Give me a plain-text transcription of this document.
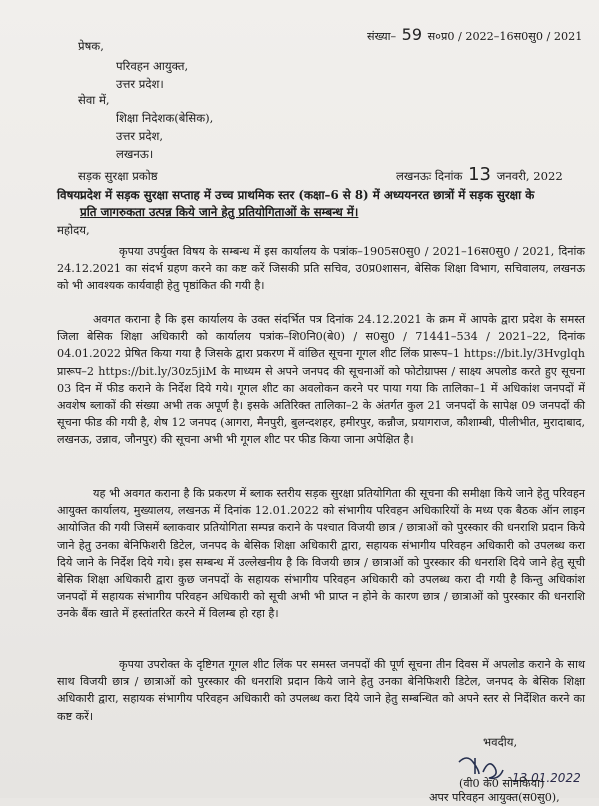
संख्या– 59 स०प्र0 / 2022–16स0सु0 / 2021
प्रेषक,
परिवहन आयुक्त,
उत्तर प्रदेश।
सेवा में,
शिक्षा निदेशक(बेसिक),
उत्तर प्रदेश,
लखनऊ।
सड़क सुरक्षा प्रकोष्ठ	लखनऊः दिनांक 13 जनवरी, 2022
विषयः
प्रदेश में सड़क सुरक्षा सप्ताह में उच्च प्राथमिक स्तर (कक्षा–6 से 8) में अध्ययनरत छात्रों में सड़क सुरक्षा के
प्रति जागरुकता उत्पन्न किये जाने हेतु प्रतियोगिताओं के सम्बन्ध में।
महोदय,
कृपया उपर्युक्त विषय के सम्बन्ध में इस कार्यालय के पत्रांक–1905स0सु0 / 2021–16स0सु0 / 2021, दिनांक 24.12.2021 का संदर्भ ग्रहण करने का कष्ट करें जिसकी प्रति सचिव, उ0प्र0शासन, बेसिक शिक्षा विभाग, सचिवालय, लखनऊ को भी आवश्यक कार्यवाही हेतु पृष्ठांकित की गयी है।
अवगत कराना है कि इस कार्यालय के उक्त संदर्भित पत्र दिनांक 24.12.2021 के क्रम में आपके द्वारा प्रदेश के समस्त जिला बेसिक शिक्षा अधिकारी को कार्यालय पत्रांक–शि0नि0(बे0) / स0सु0 / 71441–534 / 2021–22, दिनांक 04.01.2022 प्रेषित किया गया है जिसके द्वारा प्रकरण में वांछित सूचना गूगल शीट लिंक प्रारूप–1 https://bit.ly/3Hvglqh प्रारूप–2 https://bit.ly/30z5jiM के माध्यम से अपने जनपद की सूचनाओं को फोटोग्राफ्स / साक्ष्य अपलोड करते हुए सूचना 03 दिन में फीड कराने के निर्देश दिये गये। गूगल शीट का अवलोकन करने पर पाया गया कि तालिका–1 में अधिकांश जनपदों में अवशेष ब्लाकों की संख्या अभी तक अपूर्ण है। इसके अतिरिक्त तालिका–2 के अंतर्गत कुल 21 जनपदों के सापेक्ष 09 जनपदों की सूचना फीड की गयी है, शेष 12 जनपद (आगरा, मैनपुरी, बुलन्दशहर, हमीरपुर, कन्नौज, प्रयागराज, कौशाम्बी, पीलीभीत, मुरादाबाद, लखनऊ, उन्नाव, जौनपुर) की सूचना अभी भी गूगल शीट पर फीड किया जाना अपेक्षित है।
यह भी अवगत कराना है कि प्रकरण में ब्लाक स्तरीय सड़क सुरक्षा प्रतियोगिता की सूचना की समीक्षा किये जाने हेतु परिवहन आयुक्त कार्यालय, मुख्यालय, लखनऊ में दिनांक 12.01.2022 को संभागीय परिवहन अधिकारियों के मध्य एक बैठक ऑन लाइन आयोजित की गयी जिसमें ब्लाकवार प्रतियोगिता सम्पन्न कराने के पश्चात विजयी छात्र / छात्राओं को पुरस्कार की धनराशि प्रदान किये जाने हेतु उनका बेनिफिशरी डिटेल, जनपद के बेसिक शिक्षा अधिकारी द्वारा, सहायक संभागीय परिवहन अधिकारी को उपलब्ध करा दिये जाने के निर्देश दिये गये। इस सम्बन्ध में उल्लेखनीय है कि विजयी छात्र / छात्राओं को पुरस्कार की धनराशि दिये जाने हेतु सूची बेसिक शिक्षा अधिकारी द्वारा कुछ जनपदों के सहायक संभागीय परिवहन अधिकारी को उपलब्ध करा दी गयी है किन्तु अधिकांश जनपदों में सहायक संभागीय परिवहन अधिकारी को सूची अभी भी प्राप्त न होने के कारण छात्र / छात्राओं को पुरस्कार की धनराशि उनके बैंक खाते में हस्तांतरित करने में विलम्ब हो रहा है।
कृपया उपरोक्त के दृष्टिगत गूगल शीट लिंक पर समस्त जनपदों की पूर्ण सूचना तीन दिवस में अपलोड कराने के साथ साथ विजयी छात्र / छात्राओं को पुरस्कार की धनराशि प्रदान किये जाने हेतु उनका बेनिफिशरी डिटेल, जनपद के बेसिक शिक्षा अधिकारी द्वारा, सहायक संभागीय परिवहन अधिकारी को उपलब्ध करा दिये जाने हेतु सम्बन्धित को अपने स्तर से निर्देशित करने का कष्ट करें।
भवदीय,
13.01.2022
(वी0 के0 सोनकिया)
अपर परिवहन आयुक्त(स0सु0),
